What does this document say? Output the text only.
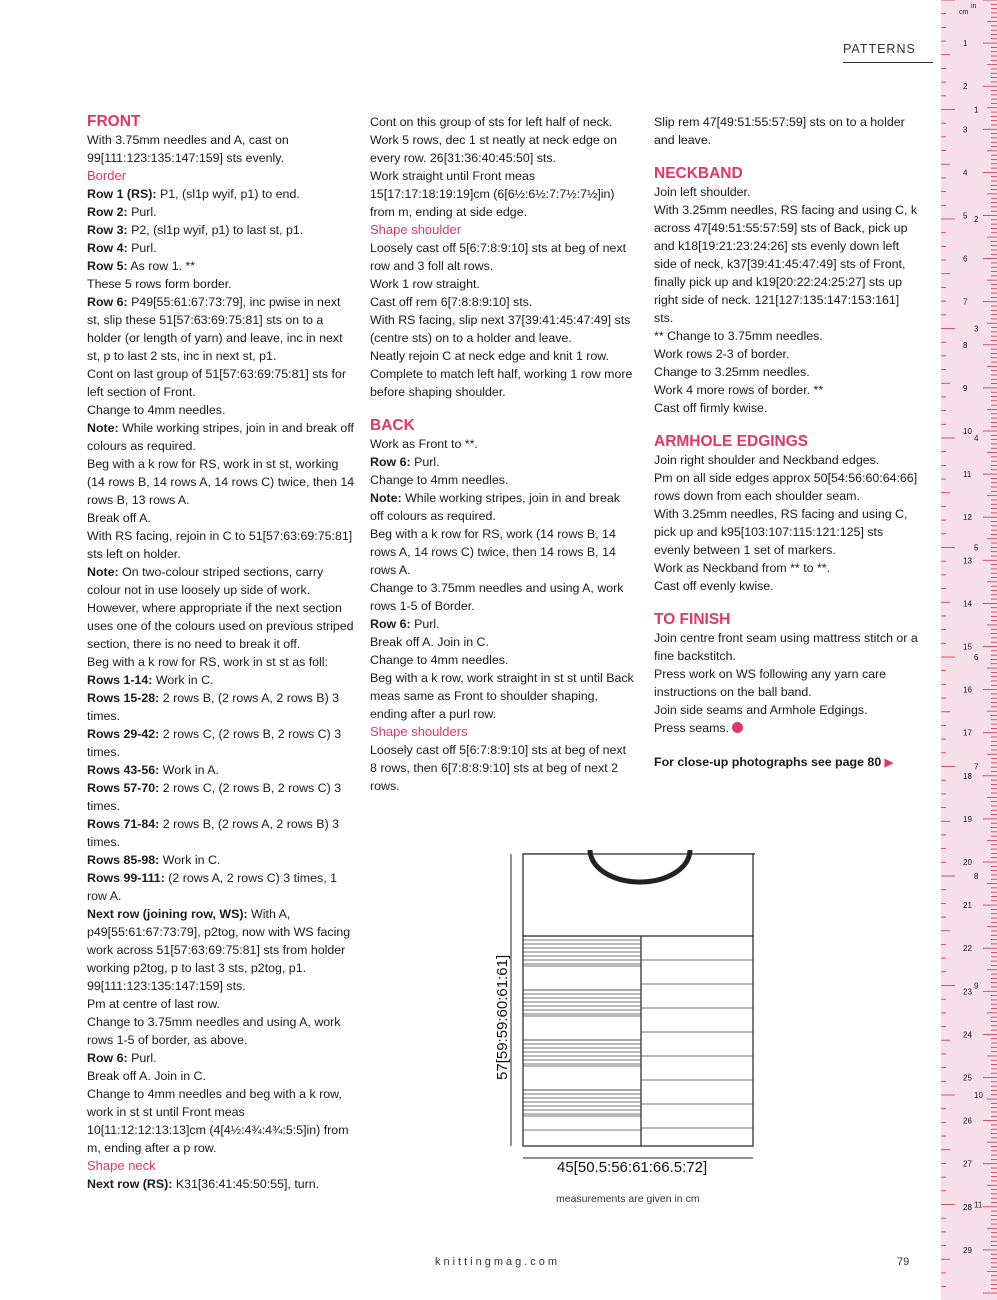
PATTERNS

FRONT

With 3.75mm needles and A, cast on 99[111:123:135:147:159] sts evenly.

Border

Row 1 (RS): P1, (sl1p wyif, p1) to end.

Row 2: Purl.

Row 3: P2, (sl1p wyif, p1) to last st, p1.

Row 4: Purl.

Row 5: As row 1. **

These 5 rows form border.

Row 6: P49[55:61:67:73:79], inc pwise in next st, slip these 51[57:63:69:75:81] sts on to a holder (or length of yarn) and leave, inc in next st, p to last 2 sts, inc in next st, p1.

Cont on last group of 51[57:63:69:75:81] sts for left section of Front.

Change to 4mm needles.

Note: While working stripes, join in and break off colours as required.

Beg with a k row for RS, work in st st, working (14 rows B, 14 rows A, 14 rows C) twice, then 14 rows B, 13 rows A.

Break off A.

With RS facing, rejoin in C to 51[57:63:69:75:81] sts left on holder.

Note: On two-colour striped sections, carry colour not in use loosely up side of work. However, where appropriate if the next section uses one of the colours used on previous striped section, there is no need to break it off.

Beg with a k row for RS, work in st st as foll:

Rows 1-14: Work in C.

Rows 15-28: 2 rows B, (2 rows A, 2 rows B) 3 times.

Rows 29-42: 2 rows C, (2 rows B, 2 rows C) 3 times.

Rows 43-56: Work in A.

Rows 57-70: 2 rows C, (2 rows B, 2 rows C) 3 times.

Rows 71-84: 2 rows B, (2 rows A, 2 rows B) 3 times.

Rows 85-98: Work in C.

Rows 99-111: (2 rows A, 2 rows C) 3 times, 1 row A.

Next row (joining row, WS): With A, p49[55:61:67:73:79], p2tog, now with WS facing work across 51[57:63:69:75:81] sts from holder working p2tog, p to last 3 sts, p2tog, p1. 99[111:123:135:147:159] sts.

Pm at centre of last row.

Change to 3.75mm needles and using A, work rows 1-5 of border, as above.

Row 6: Purl.

Break off A. Join in C.

Change to 4mm needles and beg with a k row, work in st st until Front meas 10[11:12:12:13:13]cm (4[4½:4¾:4¾:5:5]in) from m, ending after a p row.

Shape neck

Next row (RS): K31[36:41:45:50:55], turn.

Cont on this group of sts for left half of neck.

Work 5 rows, dec 1 st neatly at neck edge on every row. 26[31:36:40:45:50] sts.

Work straight until Front meas 15[17:17:18:19:19]cm (6[6½:6½:7:7½:7½]in) from m, ending at side edge.

Shape shoulder

Loosely cast off 5[6:7:8:9:10] sts at beg of next row and 3 foll alt rows.

Work 1 row straight.

Cast off rem 6[7:8:8:9:10] sts.

With RS facing, slip next 37[39:41:45:47:49] sts (centre sts) on to a holder and leave.

Neatly rejoin C at neck edge and knit 1 row. Complete to match left half, working 1 row more before shaping shoulder.

BACK

Work as Front to **.

Row 6: Purl.

Change to 4mm needles.

Note: While working stripes, join in and break off colours as required.

Beg with a k row for RS, work (14 rows B, 14 rows A, 14 rows C) twice, then 14 rows B, 14 rows A.

Change to 3.75mm needles and using A, work rows 1-5 of Border.

Row 6: Purl.

Break off A. Join in C.

Change to 4mm needles.

Beg with a k row, work straight in st st until Back meas same as Front to shoulder shaping, ending after a purl row.

Shape shoulders

Loosely cast off 5[6:7:8:9:10] sts at beg of next 8 rows, then 6[7:8:8:9:10] sts at beg of next 2 rows.

Slip rem 47[49:51:55:57:59] sts on to a holder and leave.

NECKBAND

Join left shoulder.

With 3.25mm needles, RS facing and using C, k across 47[49:51:55:57:59] sts of Back, pick up and k18[19:21:23:24:26] sts evenly down left side of neck, k37[39:41:45:47:49] sts of Front, finally pick up and k19[20:22:24:25:27] sts up right side of neck. 121[127:135:147:153:161] sts.

** Change to 3.75mm needles.

Work rows 2-3 of border.

Change to 3.25mm needles.

Work 4 more rows of border. **

Cast off firmly kwise.

ARMHOLE EDGINGS

Join right shoulder and Neckband edges.

Pm on all side edges approx 50[54:56:60:64:66] rows down from each shoulder seam.

With 3.25mm needles, RS facing and using C, pick up and k95[103:107:115:121:125] sts evenly between 1 set of markers.

Work as Neckband from ** to **.

Cast off evenly kwise.

TO FINISH

Join centre front seam using mattress stitch or a fine backstitch.

Press work on WS following any yarn care instructions on the ball band.

Join side seams and Armhole Edgings.

Press seams.

For close-up photographs see page 80 ▶

57[59:59:60:61:61]
45[50.5:56:61:66.5:72]
measurements are given in cm
knittingmag.com	79
1
2
3
4
5
6
7
8
9
10
11
12
13
14
15
16
17
18
19
20
21
22
23
24
25
26
27
28
29
1
2
3
4
5
6
7
8
9
10
11
in
cm
